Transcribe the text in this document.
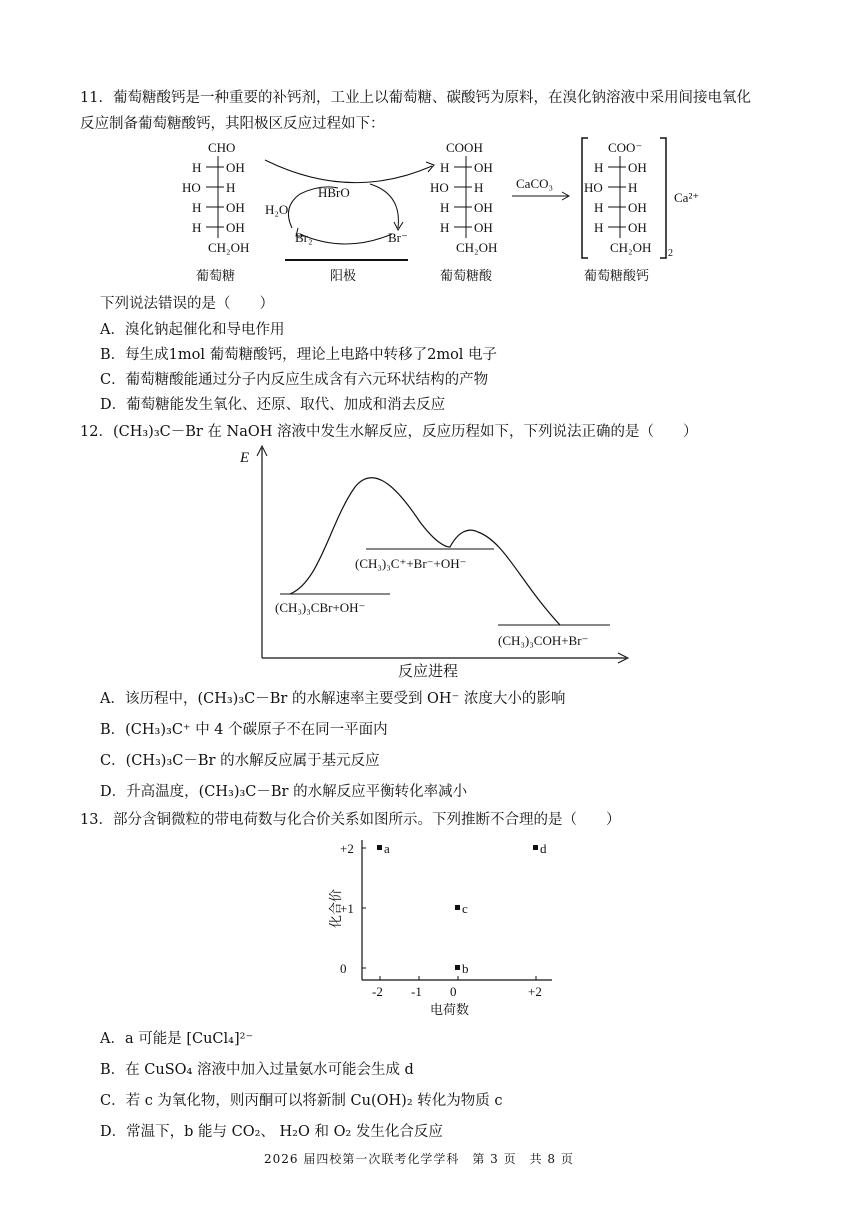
11．葡萄糖酸钙是一种重要的补钙剂，工业上以葡萄糖、碳酸钙为原料，在溴化钠溶液中采用间接电氧化
反应制备葡萄糖酸钙，其阳极区反应过程如下：
CHO
H OH
HO H
H OH
H OH
CH₂OH
葡萄糖
HBrO
H₂O
Br₂	Br⁻
阳极
COOH
H OH
HO H
H OH
H OH
CH₂OH
葡萄糖酸
CaCO₃
COO⁻
H OH
HO H
H OH
H OH
CH₂OH 2
Ca²⁺
葡萄糖酸钙
下列说法错误的是（　　）
A．溴化钠起催化和导电作用
B．每生成1mol 葡萄糖酸钙，理论上电路中转移了2mol 电子
C．葡萄糖酸能通过分子内反应生成含有六元环状结构的产物
D．葡萄糖能发生氧化、还原、取代、加成和消去反应
12．(CH₃)₃C－Br 在 NaOH 溶液中发生水解反应，反应历程如下，下列说法正确的是（　　）
E
反应进程
(CH₃)₃CBr+OH⁻
(CH₃)₃C⁺+Br⁻+OH⁻
(CH₃)₃COH+Br⁻
A．该历程中，(CH₃)₃C－Br 的水解速率主要受到 OH⁻ 浓度大小的影响
B．(CH₃)₃C⁺ 中 4 个碳原子不在同一平面内
C．(CH₃)₃C－Br 的水解反应属于基元反应
D．升高温度，(CH₃)₃C－Br 的水解反应平衡转化率减小
13．部分含铜微粒的带电荷数与化合价关系如图所示。下列推断不合理的是（　　）
-2 -1 0	+2
0
+1
+2 a
b
c
d
电荷数
化合价
A．a 可能是 [CuCl₄]²⁻
B．在 CuSO₄ 溶液中加入过量氨水可能会生成 d
C．若 c 为氧化物，则丙酮可以将新制 Cu(OH)₂ 转化为物质 c
D．常温下，b 能与 CO₂、 H₂O 和 O₂ 发生化合反应
2026 届四校第一次联考化学学科　第 3 页　共 8 页
